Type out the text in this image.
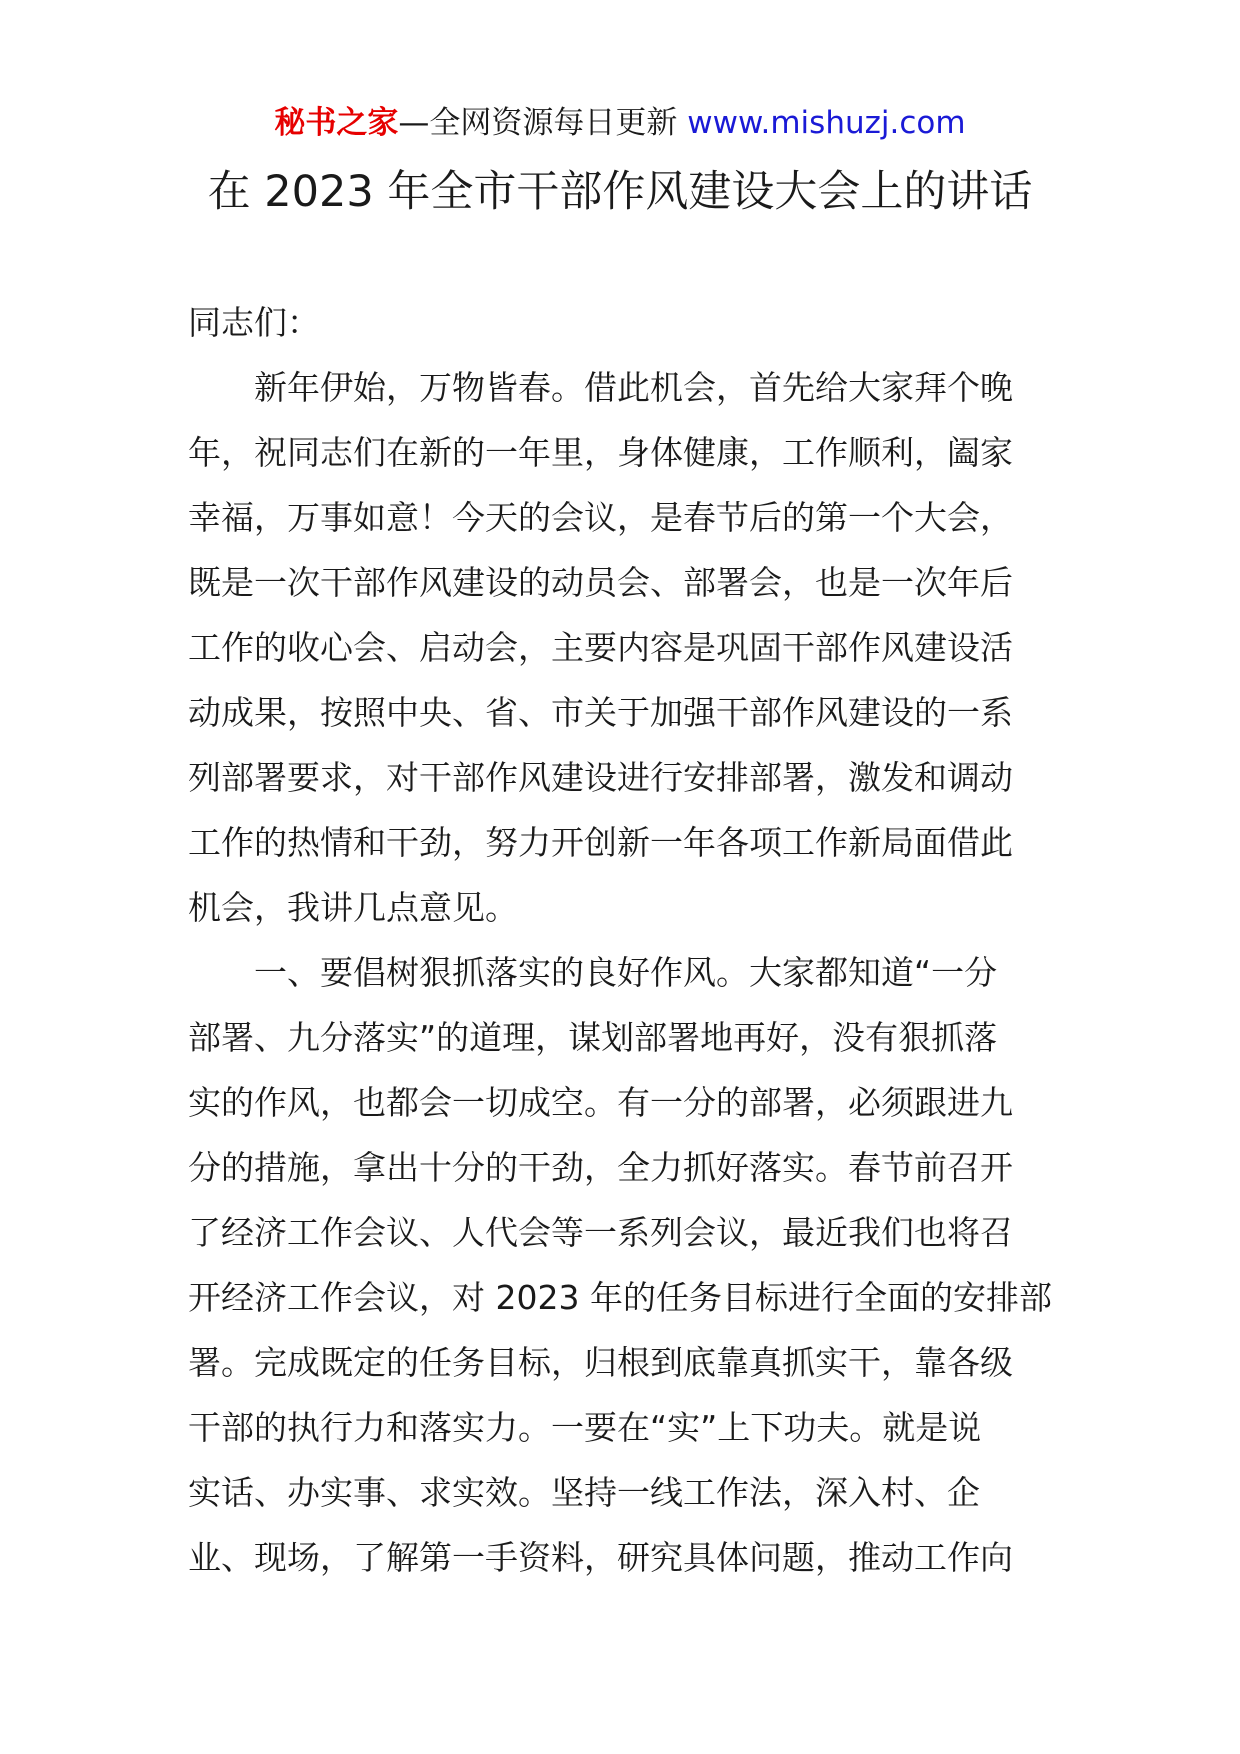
秘书之家—全网资源每日更新 www.mishuzj.com
在 2023 年全市干部作风建设大会上的讲话
同志们：
新年伊始，万物皆春。借此机会，首先给大家拜个晚
年，祝同志们在新的一年里，身体健康，工作顺利，阖家
幸福，万事如意！今天的会议，是春节后的第一个大会，
既是一次干部作风建设的动员会、部署会，也是一次年后
工作的收心会、启动会，主要内容是巩固干部作风建设活
动成果，按照中央、省、市关于加强干部作风建设的一系
列部署要求，对干部作风建设进行安排部署，激发和调动
工作的热情和干劲，努力开创新一年各项工作新局面借此
机会，我讲几点意见。
一、要倡树狠抓落实的良好作风。大家都知道“一分
部署、九分落实”的道理，谋划部署地再好，没有狠抓落
实的作风，也都会一切成空。有一分的部署，必须跟进九
分的措施，拿出十分的干劲，全力抓好落实。春节前召开
了经济工作会议、人代会等一系列会议，最近我们也将召
开经济工作会议，对 2023 年的任务目标进行全面的安排部
署。完成既定的任务目标，归根到底靠真抓实干，靠各级
干部的执行力和落实力。一要在“实”上下功夫。就是说
实话、办实事、求实效。坚持一线工作法，深入村、企
业、现场，了解第一手资料，研究具体问题，推动工作向
